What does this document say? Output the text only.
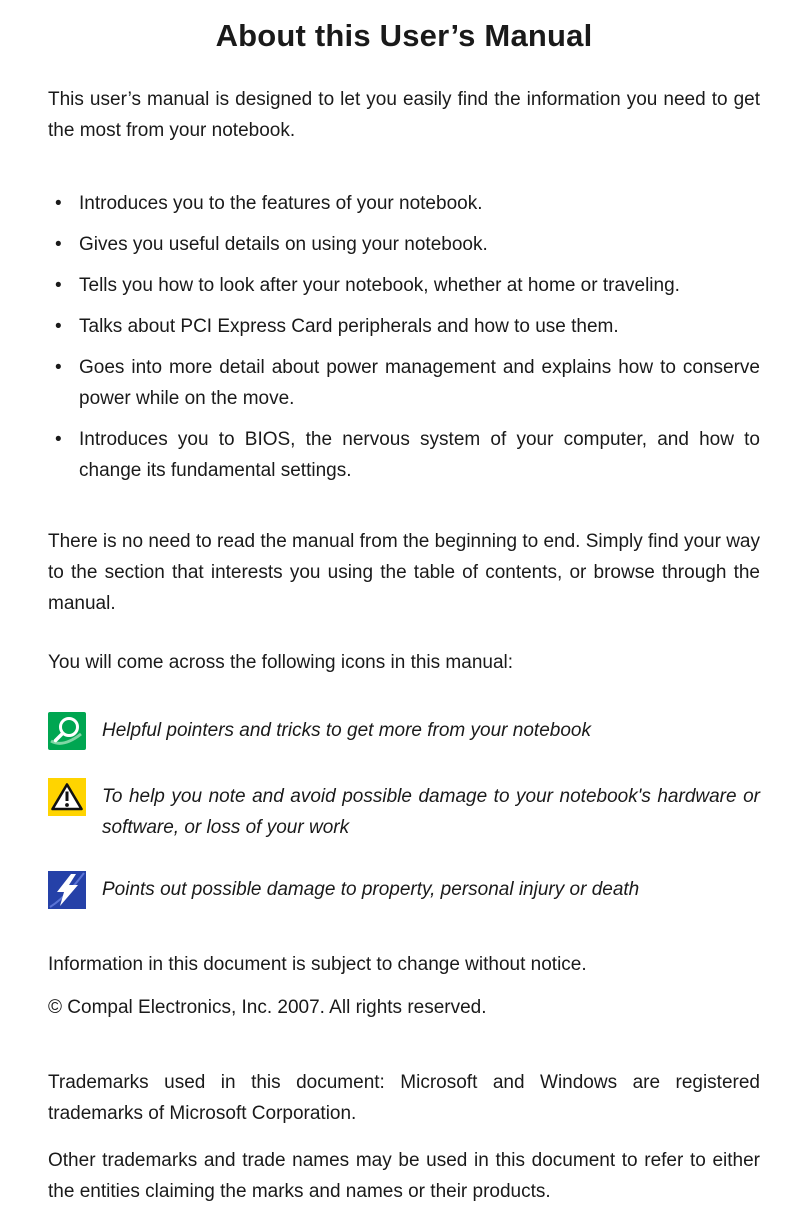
About this User’s Manual

This user’s manual is designed to let you easily find the information you need to get the most from your notebook.

• Introduces you to the features of your notebook.
• Gives you useful details on using your notebook.
• Tells you how to look after your notebook, whether at home or traveling.
• Talks about PCI Express Card peripherals and how to use them.
• Goes into more detail about power management and explains how to conserve power while on the move.
• Introduces you to BIOS, the nervous system of your computer, and how to change its fundamental settings.

There is no need to read the manual from the beginning to end. Simply find your way to the section that interests you using the table of contents, or browse through the manual.

You will come across the following icons in this manual:

Helpful pointers and tricks to get more from your notebook

To help you note and avoid possible damage to your notebook's hardware or software, or loss of your work

Points out possible damage to property, personal injury or death

Information in this document is subject to change without notice.

© Compal Electronics, Inc. 2007. All rights reserved.

Trademarks used in this document: Microsoft and Windows are registered trademarks of Microsoft Corporation.

Other trademarks and trade names may be used in this document to refer to either the entities claiming the marks and names or their products.
